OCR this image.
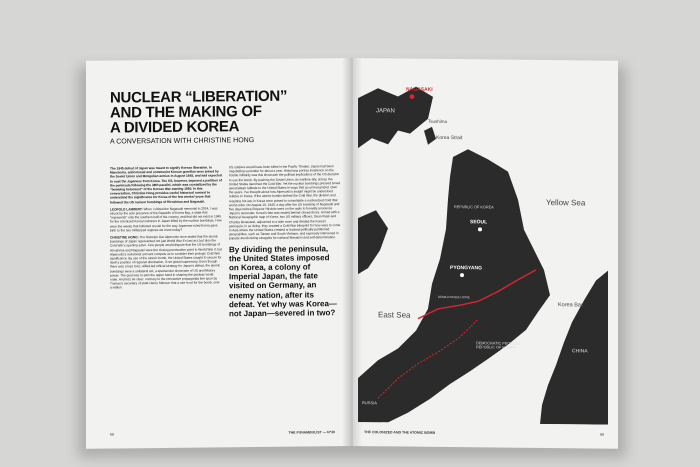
NUCLEAR “LIBERATION”
AND THE MAKING OF
A DIVIDED KOREA
A CONVERSATION WITH CHRISTINE HONG

The 1945 defeat of Japan was meant to signify Korean liberation. In Manchuria, anticolonial and communist Korean guerillas were joined by the Soviet Union and Mongolian armies in August 1945, and had expected to oust the Japanese from Korea. The US, however, imposed a partition of the peninsula following the 38th parallel, which was crystallized by the “bombing holocaust” of the Korean War starting 1950. In this conversation, Christine Hong provides useful historical context to understand the significance for Korea of the few weeks/ years that followed the US nuclear bombings of Hiroshima and Nagasaki.

LEOPOLD LAMBERT: When I visited the Nagasaki memorial in 2014, I was struck by the sole presence of the Republic of Korea flag, a state that “represents” only the southern half of the country, and that did not exist in 1945 for the colonized Korean laborers in Japan killed by the nuclear bombings. How were the weeks that followed crucial for the way Japanese-ruled Korea gave birth to the two militarized regimes we know today?

CHRISTINE HONG: The historian Gar Alperovitz once stated that the atomic bombings of Japan represented not just World War II’s last act, but also the Cold War’s opening salvo. Few people would dispute that the US bombings of Hiroshima and Nagasaki were the closing punctuation point to World War II, but Alperovitz’s revisionist account compels us to consider their prologic Cold War significance. By use of the atomic bomb, the United States sought to secure for itself a position of regional domination, if not global supremacy. Even though there was a less toxic, Allied-led ethical strategy for Japan’s defeat, the atomic bombings were a unilateral act, a spectacular showcase of US annihilatory power. The goal was to gain the upper hand in shaping the postwar world order. And let’s be clear: contrary to the retroactive propaganda line spun by Truman’s secretary of state Henry Stimson that a use it not for the bomb, over a million

US soldiers would have been killed in the Pacific Theater, Japan had been negotiating surrender for about a year. Historians portray insistence on the hostile militarily was this showcase the political implications of the US decision to use the bomb. By pushing the Soviet Union, its wartime ally, at bay, the United States launched the Cold War. Yet the nuclear bombings pressed broad geostrategic latitude to the United States in ways that go unrecognized. Over the years, I’ve thought about how Alperovitz’s insight might be understood relative to Korea. If the atomic bombs birthed the Cold War, the division and resulting hot war in Korea were poised to consolidate a nuclearized Cold War world order. On August 10, 1945, a day after the US bombing of Nagasaki and five days before Emperor Hirohito went on the radio to formally announce Japan’s surrender, Korea’s fate was sealed behind closed doors. Armed with a National Geographic map of Korea, two US military officers, Dean Rusk and Charles Bonesteel, adjourned to a side room and divided the Korean peninsula. In so doing, they created a Cold War blueprint for how wars to come in Asia where the United States created or backed politically partitioned geographies, such as Taiwan and South Vietnam, and expressly intervened in popular decolonizing struggles for national liberation and self-determination.

By dividing the peninsula, the United States imposed on Korea, a colony of Imperial Japan, the fate visited on Germany, an enemy nation, after its defeat. Yet why was Korea—not Japan—severed in two?
68	THE FUNAMBULIST — N°30
JAPAN
NAGASAKI
Tsushima
Korea Strait
Yellow Sea
East Sea
Korea Bay
SEOUL
PYONGYANG
REPUBLIC OF KOREA
DEMOCRATIC PEOPLE'S REPUBLIC OF KOREA
CHINA
RUSSIA
DEMILITARIZED ZONE
THE COLONIZED AND THE ATOMIC BOMB	69
